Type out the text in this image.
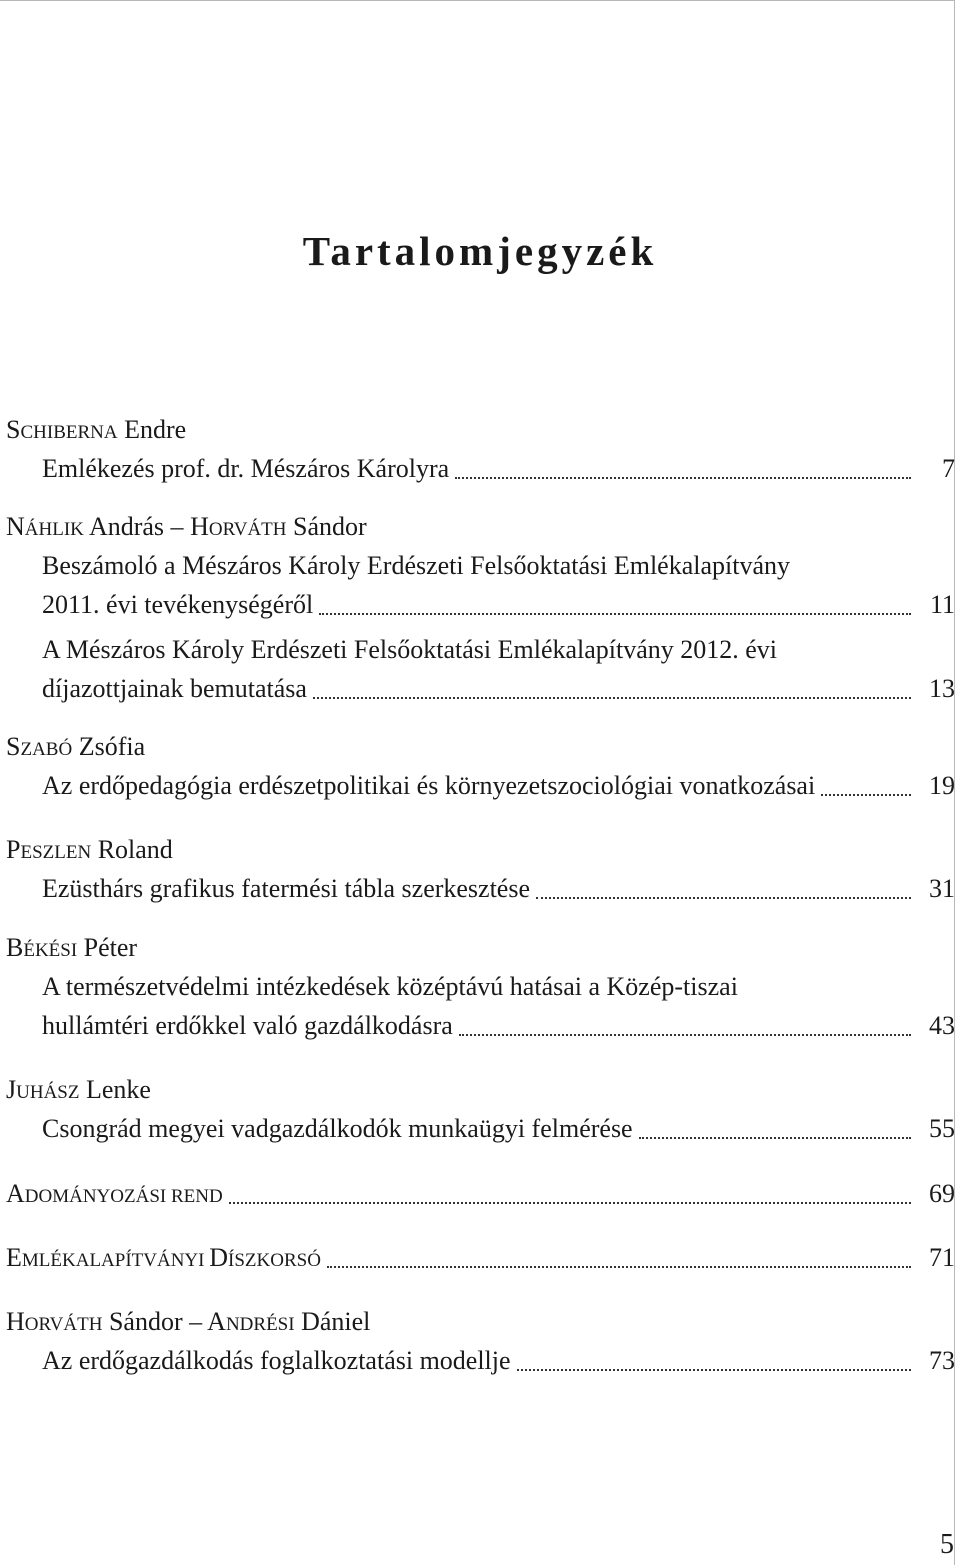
Tartalomjegyzék
SCHIBERNA Endre
Emlékezés prof. dr. Mészáros Károlyra	7
NÁHLIK András – HORVÁTH Sándor
Beszámoló a Mészáros Károly Erdészeti Felsőoktatási Emlékalapítvány
2011. évi tevékenységéről	11
A Mészáros Károly Erdészeti Felsőoktatási Emlékalapítvány 2012. évi
díjazottjainak bemutatása	13
SZABÓ Zsófia
Az erdőpedagógia erdészetpolitikai és környezetszociológiai vonatkozásai	19
PESZLEN Roland
Ezüsthárs grafikus fatermési tábla szerkesztése	31
BÉKÉSI Péter
A természetvédelmi intézkedések középtávú hatásai a Közép-tiszai
hullámtéri erdőkkel való gazdálkodásra	43
JUHÁSZ Lenke
Csongrád megyei vadgazdálkodók munkaügyi felmérése	55
ADOMÁNYOZÁSI REND	69
EMLÉKALAPÍTVÁNYI DÍSZKORSÓ	71
HORVÁTH Sándor – ANDRÉSI Dániel
Az erdőgazdálkodás foglalkoztatási modellje	73
5
